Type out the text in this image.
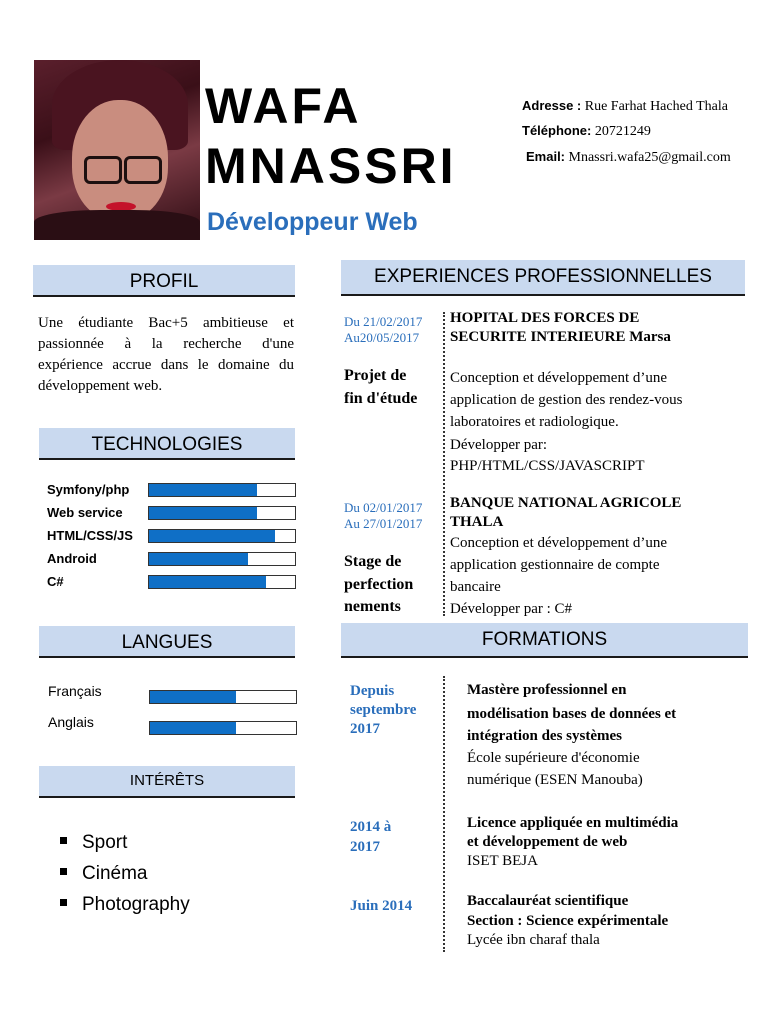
WAFA
MNASSRI
Développeur Web
Adresse : Rue Farhat Hached Thala
Téléphone: 20721249
Email: Mnassri.wafa25@gmail.com
PROFIL
Une étudiante Bac+5 ambitieuse et passionnée à la recherche d'une expérience accrue dans le domaine du développement web.
TECHNOLOGIES
Symfony/php
Web service
HTML/CSS/JS
Android
C#
LANGUES
Français
Anglais
INTÉRÊTS
Sport
Cinéma
Photography
EXPERIENCES PROFESSIONNELLES
Du 21/02/2017
Au20/05/2017
HOPITAL DES FORCES DE
SECURITE INTERIEURE Marsa
Projet de
fin d'étude
Conception et développement d’une
application de gestion des rendez-vous
laboratoires et radiologique.
Développer par:
PHP/HTML/CSS/JAVASCRIPT
Du 02/01/2017
Au 27/01/2017
BANQUE NATIONAL AGRICOLE
THALA
Stage de
perfection
nements
Conception et développement d’une
application gestionnaire de compte
bancaire
Développer par : C#
FORMATIONS
Depuis
septembre
2017
Mastère professionnel en
modélisation bases de données et
intégration des systèmes
École supérieure d'économie
numérique (ESEN Manouba)
2014 à
2017
Licence appliquée en multimédia
et développement de web
ISET BEJA
Juin 2014	Baccalauréat scientifique
Section : Science expérimentale
Lycée ibn charaf thala
